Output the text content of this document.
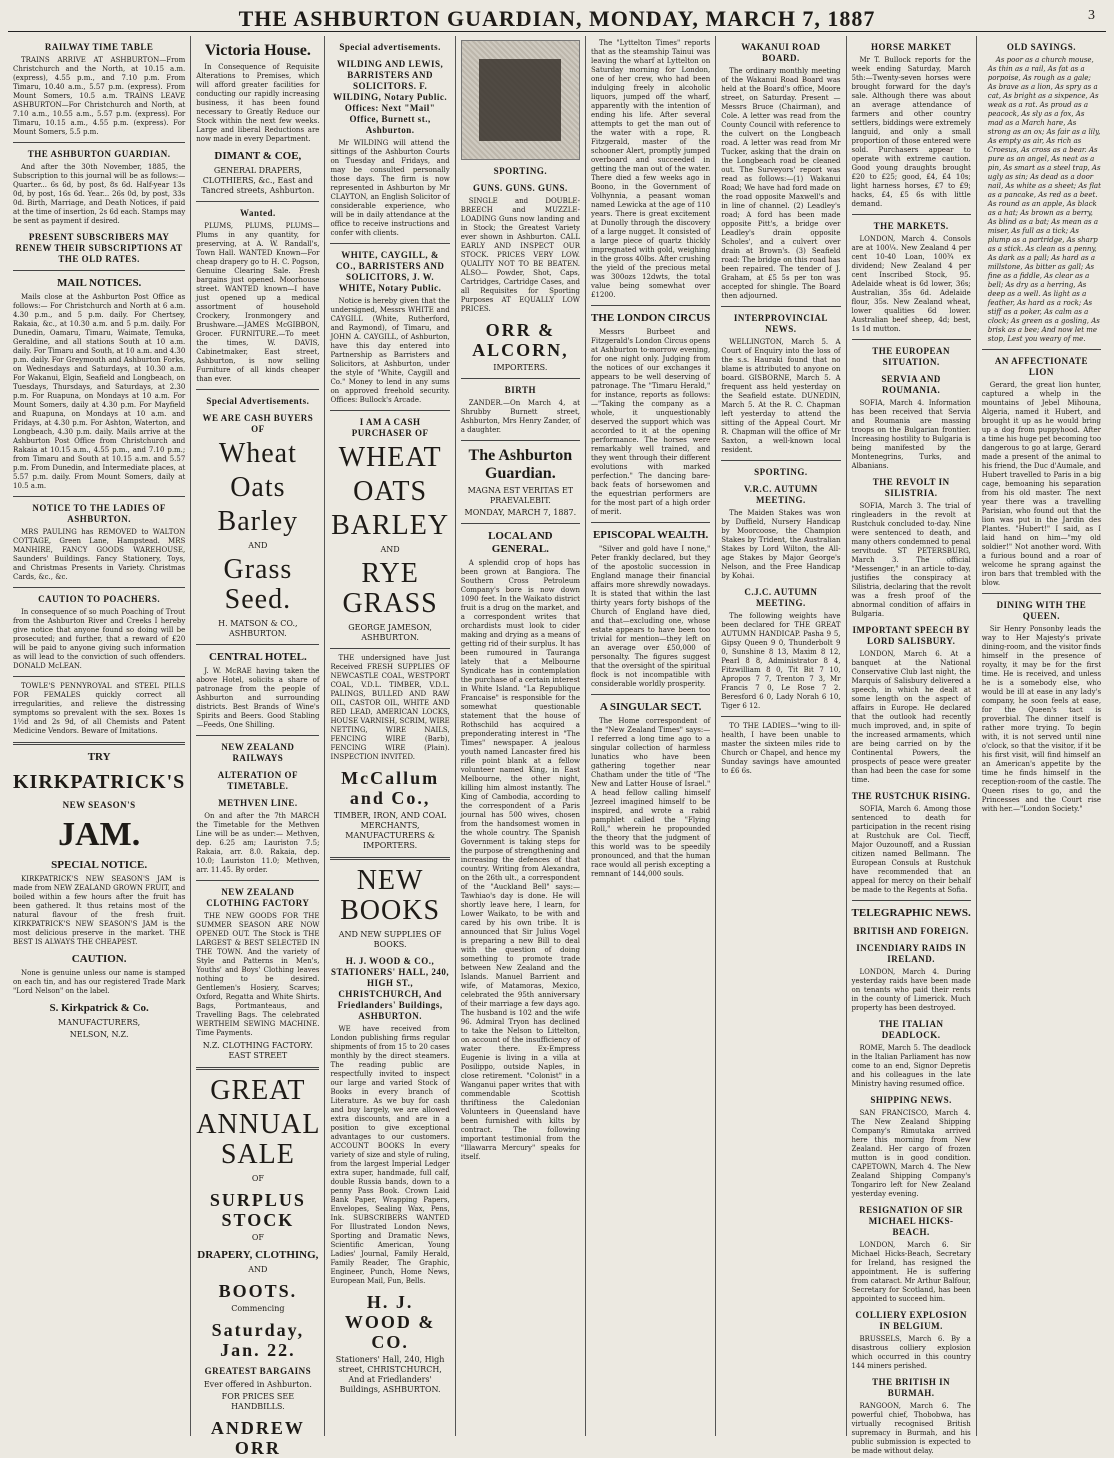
THE ASHBURTON GUARDIAN, MONDAY, MARCH 7, 1887	3
RAILWAY TIME TABLE
TRAINS ARRIVE AT ASHBURTON—From Christchurch and the North, at 10.15 a.m. (express), 4.55 p.m., and 7.10 p.m. From Timaru, 10.40 a.m., 5.57 p.m. (express). From Mount Somers, 10.5 a.m. TRAINS LEAVE ASHBURTON—For Christchurch and North, at 7.10 a.m., 10.55 a.m., 5.57 p.m. (express). For Timaru, 10.15 a.m., 4.55 p.m. (express). For Mount Somers, 5.5 p.m.
THE ASHBURTON GUARDIAN.
And after the 30th November, 1885, the Subscription to this journal will be as follows:— Quarter... 6s 6d, by post, 8s 6d. Half-year 13s 0d, by post, 16s 6d. Year... 26s 0d, by post, 33s 0d. Birth, Marriage, and Death Notices, if paid at the time of insertion, 2s 6d each. Stamps may be sent as payment if desired.
PRESENT SUBSCRIBERS MAY RENEW THEIR SUBSCRIPTIONS AT THE OLD RATES.
MAIL NOTICES.
Mails close at the Ashburton Post Office as follows:— For Christchurch and North at 6 a.m. 4.30 p.m., and 5 p.m. daily. For Chertsey, Rakaia, &c., at 10.30 a.m. and 5 p.m. daily. For Dunedin, Oamaru, Timaru, Waimate, Temuka, Geraldine, and all stations South at 10 a.m. daily. For Timaru and South, at 10 a.m. and 4.30 p.m. daily. For Greymouth and Ashburton Forks, on Wednesdays and Saturdays, at 10.30 a.m. For Wakanui, Elgin, Seafield and Longbeach, on Tuesdays, Thursdays, and Saturdays, at 2.30 p.m. For Ruapuna, on Mondays at 10 a.m. For Mount Somers, daily at 4.30 p.m. For Mayfield and Ruapuna, on Mondays at 10 a.m. and Fridays, at 4.30 p.m. For Ashton, Waterton, and Longbeach, 4.30 p.m. daily. Mails arrive at the Ashburton Post Office from Christchurch and Rakaia at 10.15 a.m., 4.55 p.m., and 7.10 p.m.; from Timaru and South at 10.15 a.m. and 5.57 p.m. From Dunedin, and Intermediate places, at 5.57 p.m. daily. From Mount Somers, daily at 10.5 a.m.
NOTICE TO THE LADIES OF ASHBURTON.
MRS PAULING has REMOVED to WALTON COTTAGE, Green Lane, Hampstead. MRS MANHIRE, FANCY GOODS WAREHOUSE, Saunders' Buildings. Fancy Stationery, Toys, and Christmas Presents in Variety. Christmas Cards, &c., &c.
CAUTION TO POACHERS.
In consequence of so much Poaching of Trout from the Ashburton River and Creeks I hereby give notice that anyone found so doing will be prosecuted; and further, that a reward of £20 will be paid to anyone giving such information as will lead to the conviction of such offenders. DONALD McLEAN.
TOWLE'S PENNYROYAL and STEEL PILLS FOR FEMALES quickly correct all irregularities, and relieve the distressing symptoms so prevalent with the sex. Boxes 1s 1½d and 2s 9d, of all Chemists and Patent Medicine Vendors. Beware of Imitations.
TRY
KIRKPATRICK'S
NEW SEASON'S
JAM.
SPECIAL NOTICE.
KIRKPATRICK'S NEW SEASON'S JAM is made from NEW ZEALAND GROWN FRUIT, and boiled within a few hours after the fruit has been gathered. It thus retains most of the natural flavour of the fresh fruit. KIRKPATRICK'S NEW SEASON'S JAM is the most delicious preserve in the market. THE BEST IS ALWAYS THE CHEAPEST.
CAUTION.
None is genuine unless our name is stamped on each tin, and has our registered Trade Mark "Lord Nelson" on the label.
S. Kirkpatrick & Co.
MANUFACTURERS,
NELSON, N.Z.
Victoria House.
In Consequence of Requisite Alterations to Premises, which will afford greater facilities for conducting our rapidly increasing business, it has been found necessary to Greatly Reduce our Stock within the next few weeks. Large and liberal Reductions are now made in every Department.
DIMANT & COE,
GENERAL DRAPERS, CLOTHIERS, &c., East and Tancred streets, Ashburton.
Wanted.
PLUMS, PLUMS, PLUMS—Plums in any quantity, for preserving, at A. W. Randall's, Town Hall. WANTED Known—For cheap drapery go to H. C. Pogson, Genuine Clearing Sale. Fresh bargains just opened. Moorhouse street. WANTED known—I have just opened up a medical assortment of household Crockery, Ironmongery and Brushware.—JAMES McGIBBON, Grocer. FURNITURE.—To meet the times, W. DAVIS, Cabinetmaker, East street, Ashburton, is now selling Furniture of all kinds cheaper than ever.
Special Advertisements.
WE ARE CASH BUYERS OF
Wheat
Oats
Barley
AND
Grass Seed.
H. MATSON & CO., ASHBURTON.
CENTRAL HOTEL.
J. W. McRAE having taken the above Hotel, solicits a share of patronage from the people of Ashburton and surrounding districts. Best Brands of Wine's Spirits and Beers. Good Stabling—Feeds, One Shilling.
NEW ZEALAND RAILWAYS
ALTERATION OF TIMETABLE.
METHVEN LINE.
On and after the 7th MARCH the Timetable for the Methven Line will be as under:— Methven, dep. 6.25 am; Lauriston 7.5; Rakaia, arr. 8.0. Rakaia, dep. 10.0; Lauriston 11.0; Methven, arr. 11.45. By order.
NEW ZEALAND CLOTHING FACTORY
THE NEW GOODS FOR THE SUMMER SEASON ARE NOW OPENED OUT. The Stock is THE LARGEST & BEST SELECTED IN THE TOWN. And the variety of Style and Patterns in Men's, Youths' and Boys' Clothing leaves nothing to be desired. Gentlemen's Hosiery, Scarves; Oxford, Regatta and White Shirts. Bags, Portmanteaus, and Travelling Bags. The celebrated WERTHEIM SEWING MACHINE. Time Payments.
N.Z. CLOTHING FACTORY. EAST STREET
GREAT
ANNUAL SALE
OF
SURPLUS STOCK
OF
DRAPERY, CLOTHING,
AND
BOOTS.
Commencing
Saturday, Jan. 22.
GREATEST BARGAINS
Ever offered in Ashburton.
FOR PRICES SEE HANDBILLS.
ANDREW ORR
Special advertisements.
WILDING AND LEWIS, BARRISTERS AND SOLICITORS. F. WILDING, Notary Public. Offices: Next "Mail" Office, Burnett st., Ashburton.
Mr WILDING will attend the sittings of the Ashburton Courts on Tuesday and Fridays, and may be consulted personally those days. The firm is now represented in Ashburton by Mr CLAYTON, an English Solicitor of considerable experience, who will be in daily attendance at the office to receive instructions and confer with clients.
WHITE, CAYGILL, & CO., BARRISTERS AND SOLICITORS, J. W. WHITE, Notary Public.
Notice is hereby given that the undersigned, Messrs WHITE and CAYGILL (White, Rutherford, and Raymond), of Timaru, and JOHN A. CAYGILL, of Ashburton, have this day entered into Partnership as Barristers and Solicitors, at Ashburton, under the style of "White, Caygill and Co." Money to lend in any sums on approved freehold security. Offices: Bullock's Arcade.
I AM A CASH PURCHASER OF
WHEAT
OATS
BARLEY
AND
RYE GRASS
GEORGE JAMESON, ASHBURTON.
THE undersigned have Just Received FRESH SUPPLIES OF NEWCASTLE COAL, WESTPORT COAL, V.D.L. TIMBER, V.D.L. PALINGS, BULLED AND RAW OIL, CASTOR OIL, WHITE AND RED LEAD, AMERICAN LOCKS, HOUSE VARNISH, SCRIM, WIRE NETTING, WIRE NAILS, FENCING WIRE (Barb), FENCING WIRE (Plain). INSPECTION INVITED.
McCallum and Co.,
TIMBER, IRON, AND COAL MERCHANTS, MANUFACTURERS & IMPORTERS.
NEW BOOKS
AND NEW SUPPLIES OF BOOKS.
H. J. WOOD & CO., STATIONERS' HALL, 240, HIGH ST., CHRISTCHURCH, And Friedlanders' Buildings, ASHBURTON.
WE have received from London publishing firms regular shipments of from 15 to 20 cases monthly by the direct steamers. The reading public are respectfully invited to inspect our large and varied Stock of Books in every branch of Literature. As we buy for cash and buy largely, we are allowed extra discounts, and are in a position to give exceptional advantages to our customers. ACCOUNT BOOKS In every variety of size and style of ruling, from the largest Imperial Ledger extra super, handmade, full calf, double Russia bands, down to a penny Pass Book. Crown Laid Bank Paper, Wrapping Papers, Envelopes, Sealing Wax, Pens, Ink. SUBSCRIBERS WANTED For Illustrated London News, Sporting and Dramatic News, Scientific American, Young Ladies' Journal, Family Herald, Family Reader, The Graphic, Engineer, Punch, Home News, European Mail, Fun, Bells.
H. J. WOOD & CO.
Stationers' Hall, 240, High street, CHRISTCHURCH, And at Friedlanders' Buildings, ASHBURTON.
SPORTING.
GUNS. GUNS. GUNS.
SINGLE and DOUBLE-BREECH and MUZZLE-LOADING Guns now landing and in Stock; the Greatest Variety ever shown in Ashburton. CALL EARLY AND INSPECT OUR STOCK. PRICES VERY LOW. QUALITY NOT TO BE BEATEN. ALSO— Powder, Shot, Caps, Cartridges, Cartridge Cases, and all Requisites for Sporting Purposes AT EQUALLY LOW PRICES.
ORR & ALCORN,
IMPORTERS.
BIRTH
ZANDER.—On March 4, at Shrubby Burnett street, Ashburton, Mrs Henry Zander, of a daughter.
The Ashburton Guardian.
MAGNA EST VERITAS ET PRAEVALEBIT.
MONDAY, MARCH 7, 1887.
LOCAL AND GENERAL.
A splendid crop of hops has been grown at Bangiora. The Southern Cross Petroleum Company's bore is now down 1090 feet. In the Waikato district fruit is a drug on the market, and a correspondent writes that orchardists must look to cider making and drying as a means of getting rid of their surplus. It has been rumoured in Tauranga lately that a Melbourne Syndicate has in contemplation the purchase of a certain interest in White Island. "La Republique Francaise" is responsible for the somewhat questionable statement that the house of Rothschild has acquired a preponderating interest in "The Times" newspaper. A jealous youth named Lancaster fired his rifle point blank at a fellow volunteer named King, in East Melbourne, the other night, killing him almost instantly. The King of Cambodia, according to the correspondent of a Paris journal has 500 wives, chosen from the handsomest women in the whole country. The Spanish Government is taking steps for the purpose of strengthening and increasing the defences of that country. Writing from Alexandra, on the 26th ult., a correspondent of the "Auckland Bell" says:—Tawhiao's day is done. He will shortly leave here, I learn, for Lower Waikato, to be with and cared by his own tribe. It is announced that Sir Julius Vogel is preparing a new Bill to deal with the question of doing something to promote trade between New Zealand and the Islands. Manuel Barrient and wife, of Matamoras, Mexico, celebrated the 95th anniversary of their marriage a few days ago. The husband is 102 and the wife 96. Admiral Tryon has declined to take the Nelson to Littelton, on account of the insufficiency of water there. Ex-Empress Eugenie is living in a villa at Posilippo, outside Naples, in close retirement. "Colonist" in a Wanganui paper writes that with commendable Scottish thriftiness the Caledonian Volunteers in Queensland have been furnished with kilts by contract. The following important testimonial from the "Illawarra Mercury" speaks for itself.
The "Lyttelton Times" reports that as the steamship Tainui was leaving the wharf at Lyttelton on Saturday morning for London, one of her crew, who had been indulging freely in alcoholic liquors, jumped off the wharf, apparently with the intention of ending his life. After several attempts to get the man out of the water with a rope, R. Fitzgerald, master of the schooner Alert, promptly jumped overboard and succeeded in getting the man out of the water. There died a few weeks ago in Boono, in the Government of Volhynnia, a peasant woman named Lewicka at the age of 110 years. There is great excitement at Dunolly through the discovery of a large nugget. It consisted of a large piece of quartz thickly impregnated with gold, weighing in the gross 40lbs. After crushing the yield of the precious metal was 300ozs 12dwts, the total value being somewhat over £1200.
THE LONDON CIRCUS
Messrs Burbeet and Fitzgerald's London Circus opens at Ashburton to-morrow evening, for one night only. Judging from the notices of our exchanges it appears to be well deserving of patronage. The "Timaru Herald," for instance, reports as follows:—"Taking the company as a whole, it unquestionably deserved the support which was accorded to it at the opening performance. The horses were remarkably well trained, and they went through their different evolutions with marked perfection." The dancing bare-back feats of horsewomen and the equestrian performers are for the most part of a high order of merit.
EPISCOPAL WEALTH.
"Silver and gold have I none," Peter frankly declared, but they of the apostolic succession in England manage their financial affairs more shrewdly nowadays. It is stated that within the last thirty years forty bishops of the Church of England have died, and that—excluding one, whose estate appears to have been too trivial for mention—they left on an average over £50,000 of personalty. The figures suggest that the oversight of the spiritual flock is not incompatible with considerable worldly prosperity.
A SINGULAR SECT.
The Home correspondent of the "New Zealand Times" says:—I referred a long time ago to a singular collection of harmless lunatics who have been gathering together near Chatham under the title of "The New and Latter House of Israel." A head fellow calling himself Jezreel imagined himself to be inspired, and wrote a rabid pamphlet called the "Flying Roll," wherein he propounded the theory that the judgment of this world was to be speedily pronounced, and that the human race would all perish excepting a remnant of 144,000 souls.
WAKANUI ROAD BOARD.
The ordinary monthly meeting of the Wakanui Road Board was held at the Board's office, Moore street, on Saturday. Present — Messrs Bruce (Chairman), and Cole. A letter was read from the County Council with reference to the culvert on the Longbeach road. A letter was read from Mr Tucker, asking that the drain on the Longbeach road be cleaned out. The Surveyors' report was read as follows:—(1) Wakanui Road; We have had ford made on the road opposite Maxwell's and in line of channel. (2) Leadley's road; A ford has been made opposite Pitt's, a bridge over Leadley's drain opposite Scholes', and a culvert over drain at Brown's. (3) Seafield road: The bridge on this road has been repaired. The tender of J. Graham, at £5 5s per ton was accepted for shingle. The Board then adjourned.
INTERPROVINCIAL NEWS.
WELLINGTON, March 5. A Court of Enquiry into the loss of the s.s. Hauraki found that no blame is attributed to anyone on board. GISBORNE, March 5. A frequent ass held yesterday on the Seafield estate. DUNEDIN, March 5. At the R. C. Chapman left yesterday to attend the sitting of the Appeal Court. Mr R. Chapman will the office of Mr Saxton, a well-known local resident.
SPORTING.
V.R.C. AUTUMN MEETING.
The Maiden Stakes was won by Duffield, Nursery Handicap by Moorcoose, the Champion Stakes by Trident, the Australian Stakes by Lord Wilton, the All-age Stakes by Major George's Nelson, and the Free Handicap by Kohai.
C.J.C. AUTUMN MEETING.
The following weights have been declared for THE GREAT AUTUMN HANDICAP. Pasha 9 5, Gipsy Queen 9 0, Thunderbolt 9 0, Sunshine 8 13, Maxim 8 12, Pearl 8 8, Administrator 8 4, Fitzwilliam 8 0, Tit Bit 7 10, Apropos 7 7, Trenton 7 3, Mr Francis 7 0, Le Rose 7 2. Beresford 6 0, Lady Norah 6 10, Tiger 6 12.
TO THE LADIES—"wing to ill-health, I have been unable to master the sixteen miles ride to Church or Chapel, and hence my Sunday savings have amounted to £6 6s.
HORSE MARKET
Mr T. Bullock reports for the week ending Saturday, March 5th:—Twenty-seven horses were brought forward for the day's sale. Although there was about an average attendance of farmers and other country settlers, biddings were extremely languid, and only a small proportion of those entered were sold. Purchasers appear to operate with extreme caution. Good young draughts brought £20 to £25; good, £4, £4 10s; light harness horses, £7 to £9; hacks, £4, £5 6s with little demand.
THE MARKETS.
LONDON, March 4. Consols are at 100¼. New Zealand 4 per cent 10-40 Loan, 100¾ ex dividend; New Zealand 4 per cent Inscribed Stock, 95. Adelaide wheat is 6d lower, 36s; Australian, 35s 6d. Adelaide flour, 35s. New Zealand wheat, lower qualities 6d lower. Australian beef sheep, 4d; best, 1s 1d mutton.
THE EUROPEAN SITUATION.
SERVIA AND ROUMANIA.
SOFIA, March 4. Information has been received that Servia and Roumania are massing troops on the Bulgarian frontier. Increasing hostility to Bulgaria is being manifested by the Montenegrins, Turks, and Albanians.
THE REVOLT IN SILISTRIA.
SOFIA, March 3. The trial of ringleaders in the revolt at Rustchuk concluded to-day. Nine were sentenced to death, and many others condemned to penal servitude. ST PETERSBURG, March 3. The official "Messenger," in an article to-day, justifies the conspiracy at Silistria, declaring that the revolt was a fresh proof of the abnormal condition of affairs in Bulgaria.
IMPORTANT SPEECH BY LORD SALISBURY.
LONDON, March 6. At a banquet at the National Conservative Club last night, the Marquis of Salisbury delivered a speech, in which he dealt at some length on the aspect of affairs in Europe. He declared that the outlook had recently much improved, and, in spite of the increased armaments, which are being carried on by the Continental Powers, the prospects of peace were greater than had been the case for some time.
THE RUSTCHUK RISING.
SOFIA, March 6. Among those sentenced to death for participation in the recent rising at Rustchuk are Col. Tiecff, Major Ouzounoff, and a Russian citizen named Bellmann. The European Consuls at Rustchuk have recommended that an appeal for mercy on their behalf be made to the Regents at Sofia.
TELEGRAPHIC NEWS.
BRITISH AND FOREIGN.
INCENDIARY RAIDS IN IRELAND.
LONDON, March 4. During yesterday raids have been made on tenants who paid their rents in the county of Limerick. Much property has been destroyed.
THE ITALIAN DEADLOCK.
ROME, March 5. The deadlock in the Italian Parliament has now come to an end, Signor Depretis and his colleagues in the late Ministry having resumed office.
SHIPPING NEWS.
SAN FRANCISCO, March 4. The New Zealand Shipping Company's Rimutaka arrived here this morning from New Zealand. Her cargo of frozen mutton is in good condition. CAPETOWN, March 4. The New Zealand Shipping Company's Tongariro left for New Zealand yesterday evening.
RESIGNATION OF SIR MICHAEL HICKS-BEACH.
LONDON, March 6. Sir Michael Hicks-Beach, Secretary for Ireland, has resigned the appointment. He is suffering from cataract. Mr Arthur Balfour, Secretary for Scotland, has been appointed to succeed him.
COLLIERY EXPLOSION IN BELGIUM.
BRUSSELS, March 6. By a disastrous colliery explosion which occurred in this country 144 miners perished.
THE BRITISH IN BURMAH.
RANGOON, March 6. The powerful chief, Thobobwa, has virtually recognised British supremacy in Burmah, and his public submission is expected to be made without delay.
OLD SAYINGS.
As poor as a church mouse, As thin as a rail, As fat as a porpoise, As rough as a gale; As brave as a lion, As spry as a cat, As bright as a sixpence, As weak as a rat. As proud as a peacock, As sly as a fox, As mad as a March hare, As strong as an ox; As fair as a lily, As empty as air, As rich as Croesus, As cross as a bear. As pure as an angel, As neat as a pin, As smart as a steel trap, As ugly as sin; As dead as a door nail, As white as a sheet; As flat as a pancake, As red as a beet. As round as an apple, As black as a hat; As brown as a berry, As blind as a bat; As mean as a miser, As full as a tick; As plump as a partridge, As sharp as a stick. As clean as a penny, As dark as a pall; As hard as a millstone, As bitter as gall; As fine as a fiddle, As clear as a bell; As dry as a herring, As deep as a well. As light as a feather, As hard as a rock; As stiff as a poker, As calm as a clock; As green as a gosling, As brisk as a bee; And now let me stop, Lest you weary of me.
AN AFFECTIONATE LION
Gerard, the great lion hunter, captured a whelp in the mountains of Jebel Mihouna, Algeria, named it Hubert, and brought it up as he would bring up a dog from puppyhood. After a time his huge pet becoming too dangerous to go at large, Gerard made a present of the animal to his friend, the Duc d'Aumale, and Hubert travelled to Paris in a big cage, bemoaning his separation from his old master. The next year there was a travelling Parisian, who found out that the lion was put in the Jardin des Plantes. "Hubert!" I said, as I laid hand on him—"my old soldier!" Not another word. With a furious bound and a roar of welcome he sprang against the iron bars that trembled with the blow.
DINING WITH THE QUEEN.
Sir Henry Ponsonby leads the way to Her Majesty's private dining-room, and the visitor finds himself in the presence of royalty, it may be for the first time. He is received, and unless he is a somebody else, who would be ill at ease in any lady's company, he soon feels at ease, for the Queen's tact is proverbial. The dinner itself is rather more trying. To begin with, it is not served until nine o'clock, so that the visitor, if it be his first visit, will find himself an an American's appetite by the time he finds himself in the reception-room of the castle. The Queen rises to go, and the Princesses and the Court rise with her.—"London Society."
